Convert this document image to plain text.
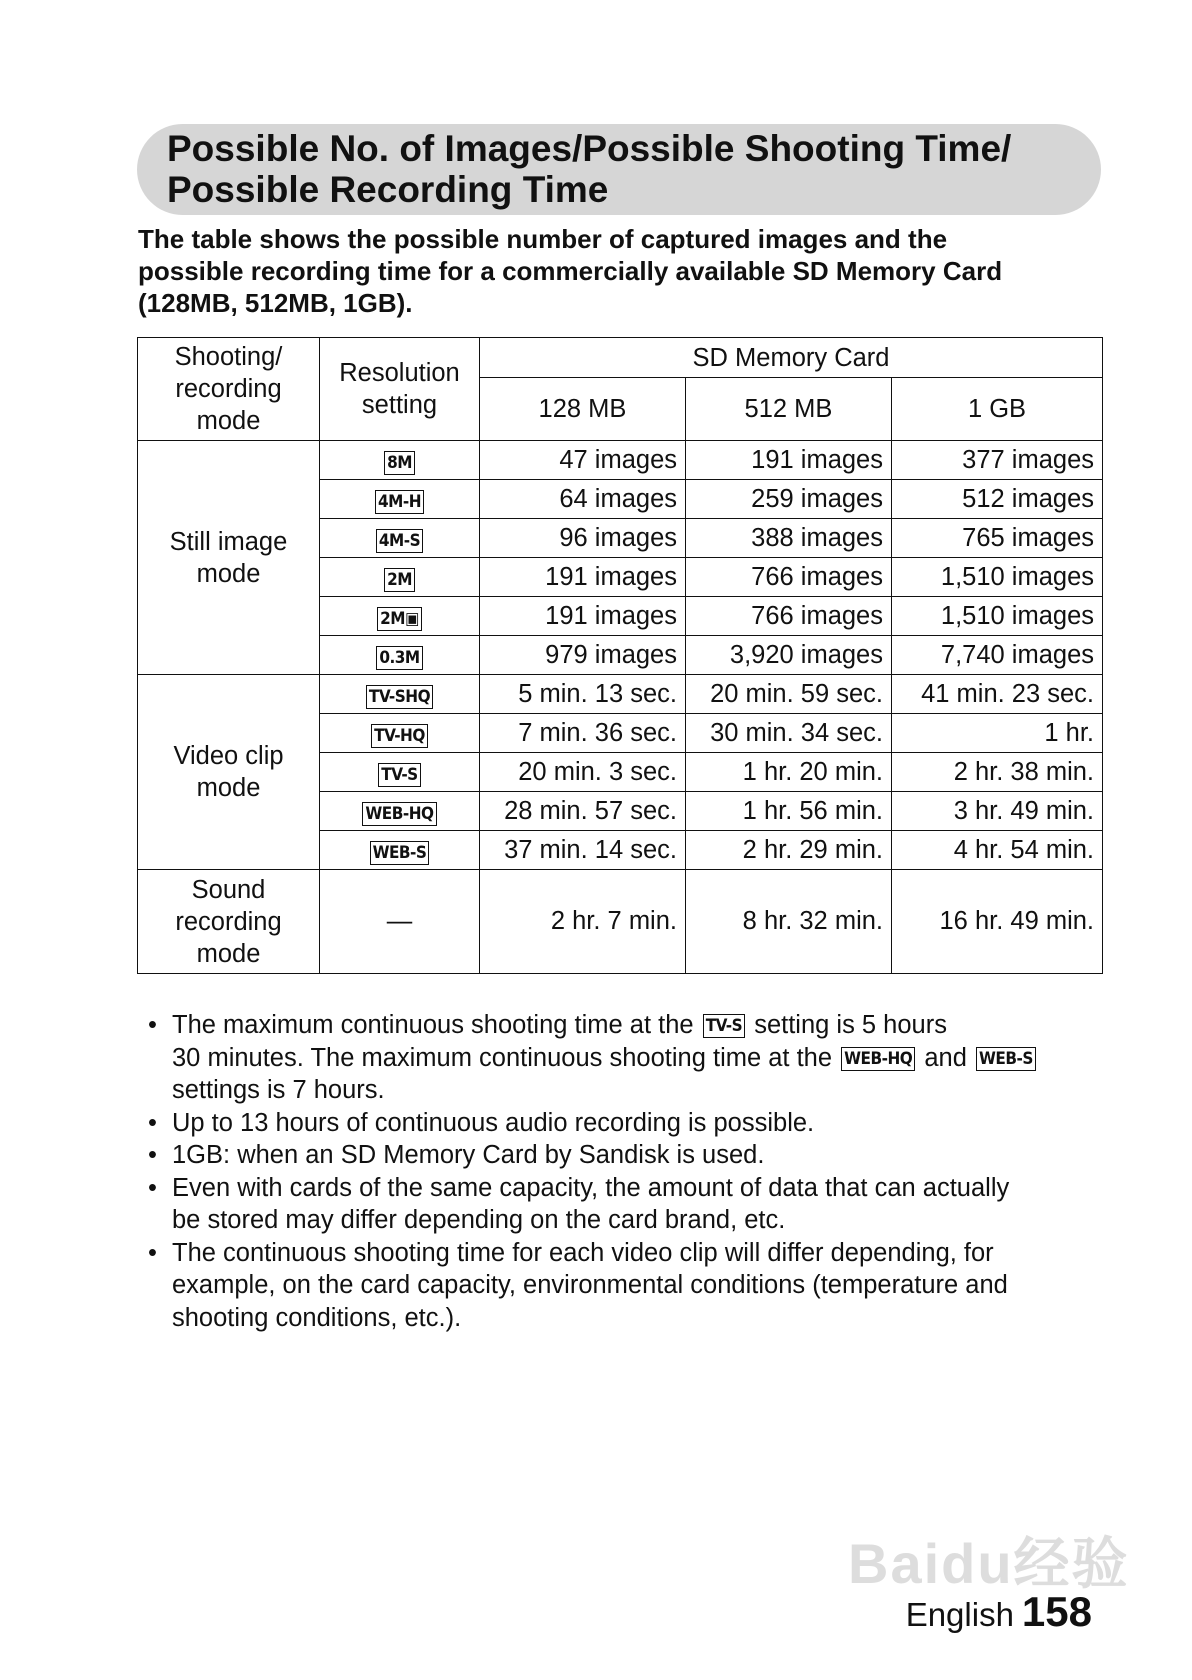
Possible No. of Images/Possible Shooting Time/
Possible Recording Time

The table shows the possible number of captured images and the
possible recording time for a commercially available SD Memory Card
(128MB, 512MB, 1GB).

Shooting/
recording
mode	Resolution
setting	SD Memory Card		
		128 MB	512 MB	1 GB
Still image
mode	8M	47 images	191 images	377 images
	4M-H	64 images	259 images	512 images
	4M-S	96 images	388 images	765 images
	2M	191 images	766 images	1,510 images
	2M▣	191 images	766 images	1,510 images
	0.3M	979 images	3,920 images	7,740 images
Video clip
mode	TV-SHQ	5 min. 13 sec.	20 min. 59 sec.	41 min. 23 sec.
	TV-HQ	7 min. 36 sec.	30 min. 34 sec.	1 hr.
	TV-S	20 min. 3 sec.	1 hr. 20 min.	2 hr. 38 min.
	WEB-HQ	28 min. 57 sec.	1 hr. 56 min.	3 hr. 49 min.
	WEB-S	37 min. 14 sec.	2 hr. 29 min.	4 hr. 54 min.
Sound
recording
mode	—	2 hr. 7 min.	8 hr. 32 min.	16 hr. 49 min.
• The maximum continuous shooting time at the TV-S setting is 5 hours
30 minutes. The maximum continuous shooting time at the WEB-HQ and WEB-S
settings is 7 hours.
• Up to 13 hours of continuous audio recording is possible.
• 1GB: when an SD Memory Card by Sandisk is used.
• Even with cards of the same capacity, the amount of data that can actually
be stored may differ depending on the card brand, etc.
• The continuous shooting time for each video clip will differ depending, for
example, on the card capacity, environmental conditions (temperature and
shooting conditions, etc.).
Baidu经验
English 158
